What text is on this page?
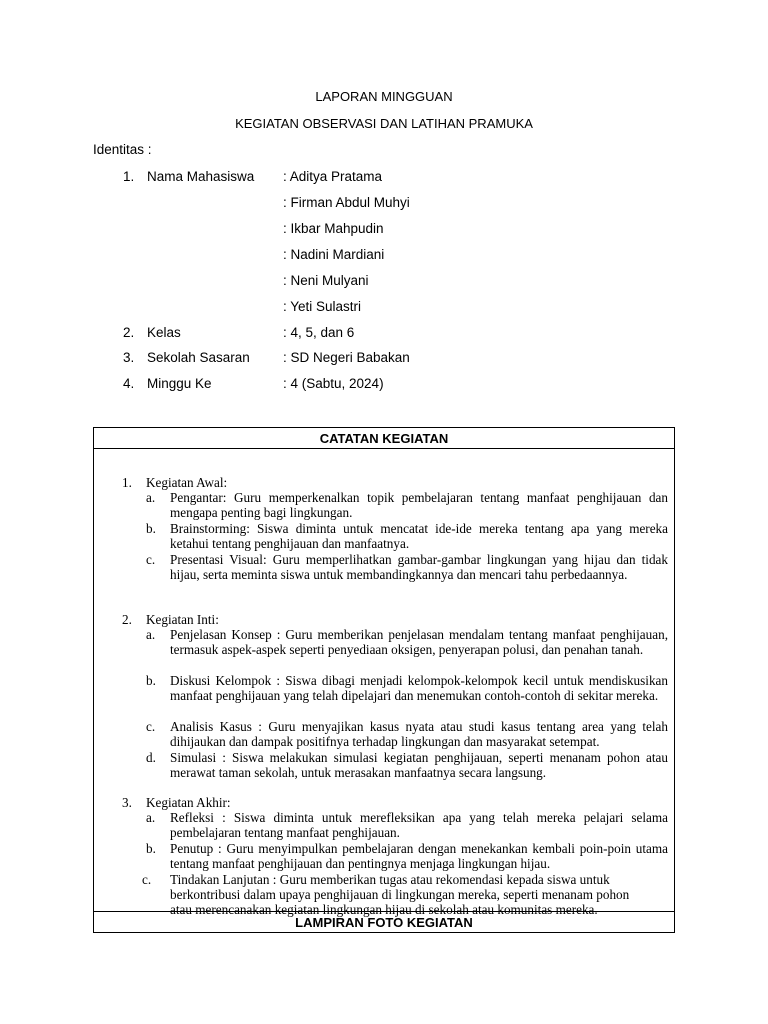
LAPORAN MINGGUAN
KEGIATAN OBSERVASI DAN LATIHAN PRAMUKA
Identitas :
1. Nama Mahasiswa : Aditya Pratama
: Firman Abdul Muhyi
: Ikbar Mahpudin
: Nadini Mardiani
: Neni Mulyani
: Yeti Sulastri
2. Kelas	: 4, 5, dan 6
3. Sekolah Sasaran : SD Negeri Babakan
4. Minggu Ke	: 4 (Sabtu, 2024)
CATATAN KEGIATAN

1. Kegiatan Awal:
a. Pengantar: Guru memperkenalkan topik pembelajaran tentang manfaat penghijauan dan mengapa penting bagi lingkungan.
b. Brainstorming: Siswa diminta untuk mencatat ide-ide mereka tentang apa yang mereka ketahui tentang penghijauan dan manfaatnya.
c. Presentasi Visual: Guru memperlihatkan gambar-gambar lingkungan yang hijau dan tidak hijau, serta meminta siswa untuk membandingkannya dan mencari tahu perbedaannya.
2. Kegiatan Inti:
a. Penjelasan Konsep : Guru memberikan penjelasan mendalam tentang manfaat penghijauan, termasuk aspek-aspek seperti penyediaan oksigen, penyerapan polusi, dan penahan tanah.
b. Diskusi Kelompok : Siswa dibagi menjadi kelompok-kelompok kecil untuk mendiskusikan manfaat penghijauan yang telah dipelajari dan menemukan contoh-contoh di sekitar mereka.
c. Analisis Kasus : Guru menyajikan kasus nyata atau studi kasus tentang area yang telah dihijaukan dan dampak positifnya terhadap lingkungan dan masyarakat setempat.
d. Simulasi : Siswa melakukan simulasi kegiatan penghijauan, seperti menanam pohon atau merawat taman sekolah, untuk merasakan manfaatnya secara langsung.
3. Kegiatan Akhir:
a. Refleksi : Siswa diminta untuk merefleksikan apa yang telah mereka pelajari selama pembelajaran tentang manfaat penghijauan.
b. Penutup : Guru menyimpulkan pembelajaran dengan menekankan kembali poin-poin utama tentang manfaat penghijauan dan pentingnya menjaga lingkungan hijau.
c. Tindakan Lanjutan : Guru memberikan tugas atau rekomendasi kepada siswa untuk berkontribusi dalam upaya penghijauan di lingkungan mereka, seperti menanam pohon atau merencanakan kegiatan lingkungan hijau di sekolah atau komunitas mereka.

LAMPIRAN FOTO KEGIATAN
